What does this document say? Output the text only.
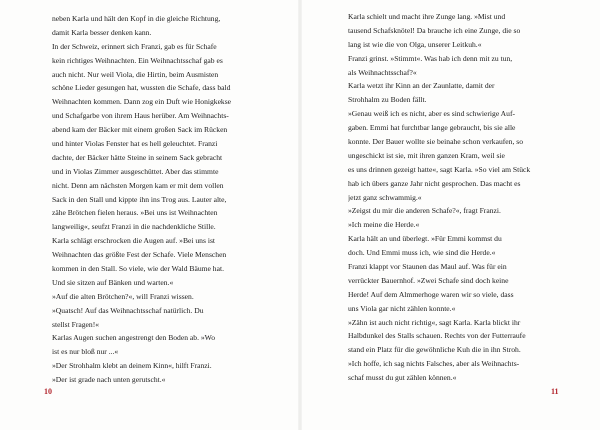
neben Karla und hält den Kopf in die gleiche Richtung,
damit Karla besser denken kann.
In der Schweiz, erinnert sich Franzi, gab es für Schafe
kein richtiges Weihnachten. Ein Weihnachtsschaf gab es
auch nicht. Nur weil Viola, die Hirtin, beim Ausmisten
schöne Lieder gesungen hat, wussten die Schafe, dass bald
Weihnachten kommen. Dann zog ein Duft wie Honigkekse
und Schafgarbe von ihrem Haus herüber. Am Weihnachts-
abend kam der Bäcker mit einem großen Sack im Rücken
und hinter Violas Fenster hat es hell geleuchtet. Franzi
dachte, der Bäcker hätte Steine in seinem Sack gebracht
und in Violas Zimmer ausgeschüttet. Aber das stimmte
nicht. Denn am nächsten Morgen kam er mit dem vollen
Sack in den Stall und kippte ihn ins Trog aus. Lauter alte,
zähe Brötchen fielen heraus. »Bei uns ist Weihnachten
langweilig«, seufzt Franzi in die nachdenkliche Stille.
Karla schlägt erschrocken die Augen auf. »Bei uns ist
Weihnachten das größte Fest der Schafe. Viele Menschen
kommen in den Stall. So viele, wie der Wald Bäume hat.
Und sie sitzen auf Bänken und warten.«
»Auf die alten Brötchen?«, will Franzi wissen.
»Quatsch! Auf das Weihnachtsschaf natürlich. Du
stellst Fragen!«
Karlas Augen suchen angestrengt den Boden ab. »Wo
ist es nur bloß nur ...«
»Der Strohhalm klebt an deinem Kinn«, hilft Franzi.
»Der ist grade nach unten gerutscht.«
10
Karla schielt und macht ihre Zunge lang. »Mist und
tausend Schafsknötel! Da brauche ich eine Zunge, die so
lang ist wie die von Olga, unserer Leitkuh.«
Franzi grinst. »Stimmt«. Was hab ich denn mit zu tun,
als Weihnachtsschaf?«
Karla wetzt ihr Kinn an der Zaunlatte, damit der
Strohhalm zu Boden fällt.
»Genau weiß ich es nicht, aber es sind schwierige Auf-
gaben. Emmi hat furchtbar lange gebraucht, bis sie alle
konnte. Der Bauer wollte sie beinahe schon verkaufen, so
ungeschickt ist sie, mit ihren ganzen Kram, weil sie
es uns drinnen gezeigt hatte«, sagt Karla. »So viel am Stück
hab ich übers ganze Jahr nicht gesprochen. Das macht es
jetzt ganz schwammig.«
»Zeigst du mir die anderen Schafe?«, fragt Franzi.
»Ich meine die Herde.«
Karla hält an und überlegt. »Für Emmi kommst du
doch. Und Emmi muss ich, wie sind die Herde.«
Franzi klappt vor Staunen das Maul auf. Was für ein
verrückter Bauernhof. »Zwei Schafe sind doch keine
Herde! Auf dem Almmerhoge waren wir so viele, dass
uns Viola gar nicht zählen konnte.«
»Zähn ist auch nicht richtig«, sagt Karla. Karla blickt ihr
Halbdunkel des Stalls schauen. Rechts von der Futterraufe
stand ein Platz für die gewöhnliche Kuh die in ihn Stroh.
»Ich hoffe, ich sag nichts Falsches, aber als Weihnachts-
schaf musst du gut zählen können.«
11
